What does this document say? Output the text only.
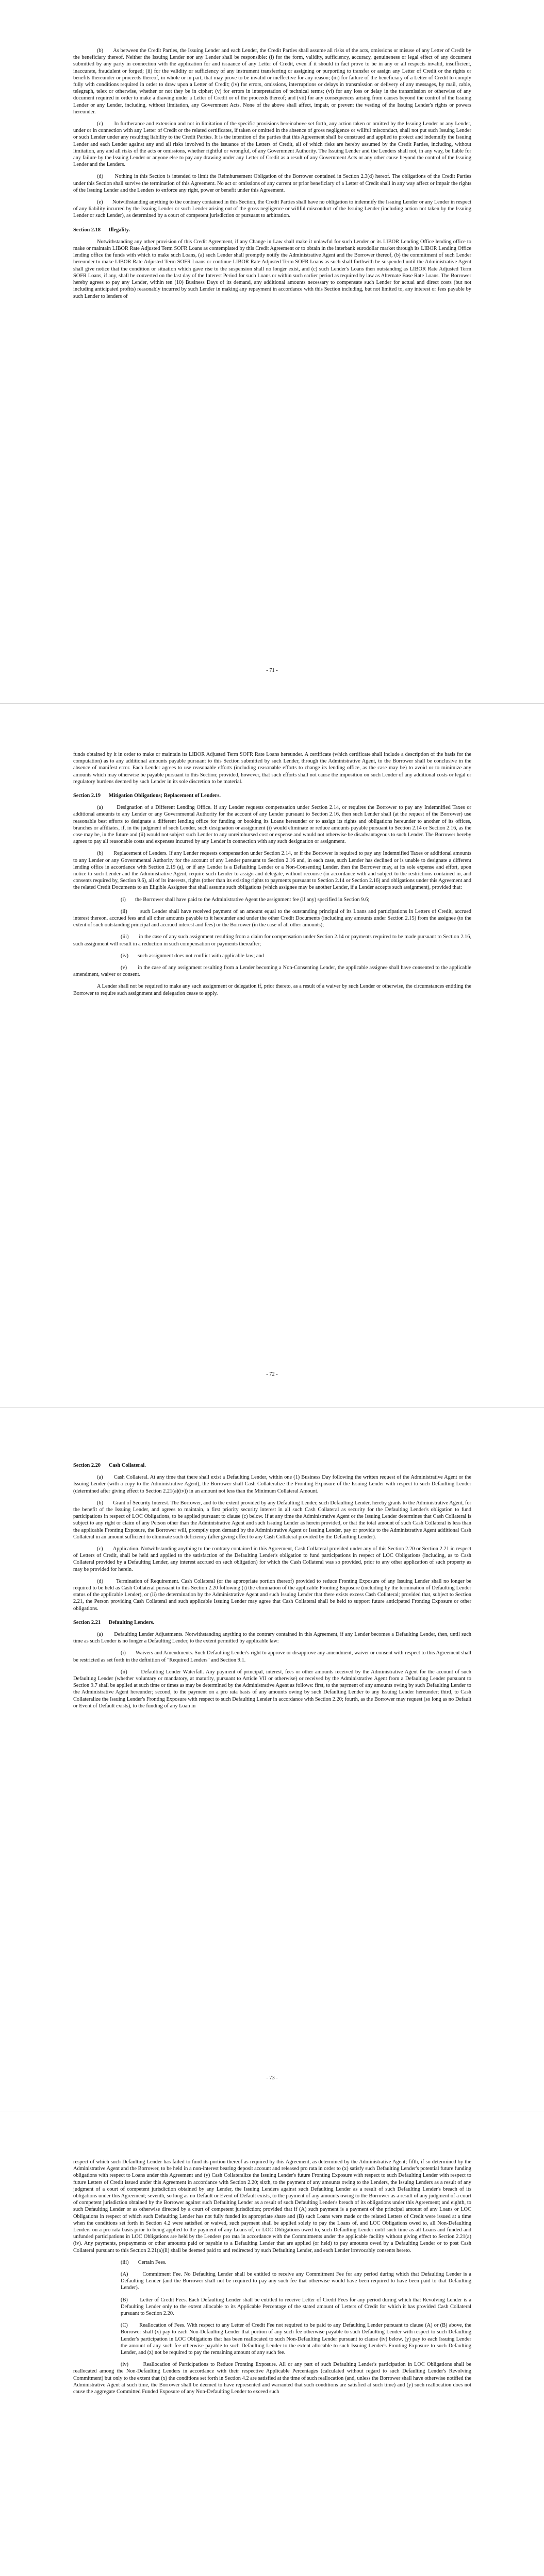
(b)       As between the Credit Parties, the Issuing Lender and each Lender, the Credit Parties shall assume all risks of the acts, omissions or misuse of any Letter of Credit by the beneficiary thereof. Neither the Issuing Lender nor any Lender shall be responsible: (i) for the form, validity, sufficiency, accuracy, genuineness or legal effect of any document submitted by any party in connection with the application for and issuance of any Letter of Credit, even if it should in fact prove to be in any or all respects invalid, insufficient, inaccurate, fraudulent or forged; (ii) for the validity or sufficiency of any instrument transferring or assigning or purporting to transfer or assign any Letter of Credit or the rights or benefits thereunder or proceeds thereof, in whole or in part, that may prove to be invalid or ineffective for any reason; (iii) for failure of the beneficiary of a Letter of Credit to comply fully with conditions required in order to draw upon a Letter of Credit; (iv) for errors, omissions, interruptions or delays in transmission or delivery of any messages, by mail, cable, telegraph, telex or otherwise, whether or not they be in cipher; (v) for errors in interpretation of technical terms; (vi) for any loss or delay in the transmission or otherwise of any document required in order to make a drawing under a Letter of Credit or of the proceeds thereof; and (vii) for any consequences arising from causes beyond the control of the Issuing Lender or any Lender, including, without limitation, any Government Acts. None of the above shall affect, impair, or prevent the vesting of the Issuing Lender's rights or powers hereunder.

(c)       In furtherance and extension and not in limitation of the specific provisions hereinabove set forth, any action taken or omitted by the Issuing Lender or any Lender, under or in connection with any Letter of Credit or the related certificates, if taken or omitted in the absence of gross negligence or willful misconduct, shall not put such Issuing Lender or such Lender under any resulting liability to the Credit Parties. It is the intention of the parties that this Agreement shall be construed and applied to protect and indemnify the Issuing Lender and each Lender against any and all risks involved in the issuance of the Letters of Credit, all of which risks are hereby assumed by the Credit Parties, including, without limitation, any and all risks of the acts or omissions, whether rightful or wrongful, of any Government Authority. The Issuing Lender and the Lenders shall not, in any way, be liable for any failure by the Issuing Lender or anyone else to pay any drawing under any Letter of Credit as a result of any Government Acts or any other cause beyond the control of the Issuing Lender and the Lenders.

(d)       Nothing in this Section is intended to limit the Reimbursement Obligation of the Borrower contained in Section 2.3(d) hereof. The obligations of the Credit Parties under this Section shall survive the termination of this Agreement. No act or omissions of any current or prior beneficiary of a Letter of Credit shall in any way affect or impair the rights of the Issuing Lender and the Lenders to enforce any right, power or benefit under this Agreement.

(e)       Notwithstanding anything to the contrary contained in this Section, the Credit Parties shall have no obligation to indemnify the Issuing Lender or any Lender in respect of any liability incurred by the Issuing Lender or such Lender arising out of the gross negligence or willful misconduct of the Issuing Lender (including action not taken by the Issuing Lender or such Lender), as determined by a court of competent jurisdiction or pursuant to arbitration.

Section 2.18      Illegality.

Notwithstanding any other provision of this Credit Agreement, if any Change in Law shall make it unlawful for such Lender or its LIBOR Lending Office lending office to make or maintain LIBOR Rate Adjusted Term SOFR Loans as contemplated by this Credit Agreement or to obtain in the interbank eurodollar market through its LIBOR Lending Office lending office the funds with which to make such Loans, (a) such Lender shall promptly notify the Administrative Agent and the Borrower thereof, (b) the commitment of such Lender hereunder to make LIBOR Rate Adjusted Term SOFR Loans or continue LIBOR Rate Adjusted Term SOFR Loans as such shall forthwith be suspended until the Administrative Agent shall give notice that the condition or situation which gave rise to the suspension shall no longer exist, and (c) such Lender's Loans then outstanding as LIBOR Rate Adjusted Term SOFR Loans, if any, shall be converted on the last day of the Interest Period for such Loans or within such earlier period as required by law as Alternate Base Rate Loans. The Borrower hereby agrees to pay any Lender, within ten (10) Business Days of its demand, any additional amounts necessary to compensate such Lender for actual and direct costs (but not including anticipated profits) reasonably incurred by such Lender in making any repayment in accordance with this Section including, but not limited to, any interest or fees payable by such Lender to lenders of

- 71 -

funds obtained by it in order to make or maintain its LIBOR Adjusted Term SOFR Rate Loans hereunder. A certificate (which certificate shall include a description of the basis for the computation) as to any additional amounts payable pursuant to this Section submitted by such Lender, through the Administrative Agent, to the Borrower shall be conclusive in the absence of manifest error. Each Lender agrees to use reasonable efforts (including reasonable efforts to change its lending office, as the case may be) to avoid or to minimize any amounts which may otherwise be payable pursuant to this Section; provided, however, that such efforts shall not cause the imposition on such Lender of any additional costs or legal or regulatory burdens deemed by such Lender in its sole discretion to be material.

Section 2.19      Mitigation Obligations; Replacement of Lenders.

(a)       Designation of a Different Lending Office. If any Lender requests compensation under Section 2.14, or requires the Borrower to pay any Indemnified Taxes or additional amounts to any Lender or any Governmental Authority for the account of any Lender pursuant to Section 2.16, then such Lender shall (at the request of the Borrower) use reasonable best efforts to designate a different lending office for funding or booking its Loans hereunder or to assign its rights and obligations hereunder to another of its offices, branches or affiliates, if, in the judgment of such Lender, such designation or assignment (i) would eliminate or reduce amounts payable pursuant to Section 2.14 or Section 2.16, as the case may be, in the future and (ii) would not subject such Lender to any unreimbursed cost or expense and would not otherwise be disadvantageous to such Lender. The Borrower hereby agrees to pay all reasonable costs and expenses incurred by any Lender in connection with any such designation or assignment.

(b)       Replacement of Lenders. If any Lender requests compensation under Section 2.14, or if the Borrower is required to pay any Indemnified Taxes or additional amounts to any Lender or any Governmental Authority for the account of any Lender pursuant to Section 2.16 and, in each case, such Lender has declined or is unable to designate a different lending office in accordance with Section 2.19 (a), or if any Lender is a Defaulting Lender or a Non-Consenting Lender, then the Borrower may, at its sole expense and effort, upon notice to such Lender and the Administrative Agent, require such Lender to assign and delegate, without recourse (in accordance with and subject to the restrictions contained in, and consents required by, Section 9.6), all of its interests, rights (other than its existing rights to payments pursuant to Section 2.14 or Section 2.16) and obligations under this Agreement and the related Credit Documents to an Eligible Assignee that shall assume such obligations (which assignee may be another Lender, if a Lender accepts such assignment), provided that:

(i)       the Borrower shall have paid to the Administrative Agent the assignment fee (if any) specified in Section 9.6;

(ii)       such Lender shall have received payment of an amount equal to the outstanding principal of its Loans and participations in Letters of Credit, accrued interest thereon, accrued fees and all other amounts payable to it hereunder and under the other Credit Documents (including any amounts under Section 2.15) from the assignee (to the extent of such outstanding principal and accrued interest and fees) or the Borrower (in the case of all other amounts);

(iii)       in the case of any such assignment resulting from a claim for compensation under Section 2.14 or payments required to be made pursuant to Section 2.16, such assignment will result in a reduction in such compensation or payments thereafter;

(iv)       such assignment does not conflict with applicable law; and

(v)       in the case of any assignment resulting from a Lender becoming a Non-Consenting Lender, the applicable assignee shall have consented to the applicable amendment, waiver or consent.

A Lender shall not be required to make any such assignment or delegation if, prior thereto, as a result of a waiver by such Lender or otherwise, the circumstances entitling the Borrower to require such assignment and delegation cease to apply.

- 72 -

Section 2.20      Cash Collateral.

(a)       Cash Collateral. At any time that there shall exist a Defaulting Lender, within one (1) Business Day following the written request of the Administrative Agent or the Issuing Lender (with a copy to the Administrative Agent), the Borrower shall Cash Collateralize the Fronting Exposure of the Issuing Lender with respect to such Defaulting Lender (determined after giving effect to Section 2.21(a)(iv)) in an amount not less than the Minimum Collateral Amount.

(b)       Grant of Security Interest. The Borrower, and to the extent provided by any Defaulting Lender, such Defaulting Lender, hereby grants to the Administrative Agent, for the benefit of the Issuing Lender, and agrees to maintain, a first priority security interest in all such Cash Collateral as security for the Defaulting Lender's obligation to fund participations in respect of LOC Obligations, to be applied pursuant to clause (c) below. If at any time the Administrative Agent or the Issuing Lender determines that Cash Collateral is subject to any right or claim of any Person other than the Administrative Agent and such Issuing Lender as herein provided, or that the total amount of such Cash Collateral is less than the applicable Fronting Exposure, the Borrower will, promptly upon demand by the Administrative Agent or Issuing Lender, pay or provide to the Administrative Agent additional Cash Collateral in an amount sufficient to eliminate such deficiency (after giving effect to any Cash Collateral provided by the Defaulting Lender).

(c)       Application. Notwithstanding anything to the contrary contained in this Agreement, Cash Collateral provided under any of this Section 2.20 or Section 2.21 in respect of Letters of Credit, shall be held and applied to the satisfaction of the Defaulting Lender's obligation to fund participations in respect of LOC Obligations (including, as to Cash Collateral provided by a Defaulting Lender, any interest accrued on such obligation) for which the Cash Collateral was so provided, prior to any other application of such property as may be provided for herein.

(d)       Termination of Requirement. Cash Collateral (or the appropriate portion thereof) provided to reduce Fronting Exposure of any Issuing Lender shall no longer be required to be held as Cash Collateral pursuant to this Section 2.20 following (i) the elimination of the applicable Fronting Exposure (including by the termination of Defaulting Lender status of the applicable Lender), or (ii) the determination by the Administrative Agent and such Issuing Lender that there exists excess Cash Collateral; provided that, subject to Section 2.21, the Person providing Cash Collateral and such applicable Issuing Lender may agree that Cash Collateral shall be held to support future anticipated Fronting Exposure or other obligations.

Section 2.21      Defaulting Lenders.

(a)       Defaulting Lender Adjustments. Notwithstanding anything to the contrary contained in this Agreement, if any Lender becomes a Defaulting Lender, then, until such time as such Lender is no longer a Defaulting Lender, to the extent permitted by applicable law:

(i)       Waivers and Amendments. Such Defaulting Lender's right to approve or disapprove any amendment, waiver or consent with respect to this Agreement shall be restricted as set forth in the definition of "Required Lenders" and Section 9.1.

(ii)       Defaulting Lender Waterfall. Any payment of principal, interest, fees or other amounts received by the Administrative Agent for the account of such Defaulting Lender (whether voluntary or mandatory, at maturity, pursuant to Article VII or otherwise) or received by the Administrative Agent from a Defaulting Lender pursuant to Section 9.7 shall be applied at such time or times as may be determined by the Administrative Agent as follows: first, to the payment of any amounts owing by such Defaulting Lender to the Administrative Agent hereunder; second, to the payment on a pro rata basis of any amounts owing by such Defaulting Lender to any Issuing Lender hereunder; third, to Cash Collateralize the Issuing Lender's Fronting Exposure with respect to such Defaulting Lender in accordance with Section 2.20; fourth, as the Borrower may request (so long as no Default or Event of Default exists), to the funding of any Loan in

- 73 -

respect of which such Defaulting Lender has failed to fund its portion thereof as required by this Agreement, as determined by the Administrative Agent; fifth, if so determined by the Administrative Agent and the Borrower, to be held in a non-interest bearing deposit account and released pro rata in order to (x) satisfy such Defaulting Lender's potential future funding obligations with respect to Loans under this Agreement and (y) Cash Collateralize the Issuing Lender's future Fronting Exposure with respect to such Defaulting Lender with respect to future Letters of Credit issued under this Agreement in accordance with Section 2.20; sixth, to the payment of any amounts owing to the Lenders, the Issuing Lenders as a result of any judgment of a court of competent jurisdiction obtained by any Lender, the Issuing Lenders against such Defaulting Lender as a result of such Defaulting Lender's breach of its obligations under this Agreement; seventh, so long as no Default or Event of Default exists, to the payment of any amounts owing to the Borrower as a result of any judgment of a court of competent jurisdiction obtained by the Borrower against such Defaulting Lender as a result of such Defaulting Lender's breach of its obligations under this Agreement; and eighth, to such Defaulting Lender or as otherwise directed by a court of competent jurisdiction; provided that if (A) such payment is a payment of the principal amount of any Loans or LOC Obligations in respect of which such Defaulting Lender has not fully funded its appropriate share and (B) such Loans were made or the related Letters of Credit were issued at a time when the conditions set forth in Section 4.2 were satisfied or waived, such payment shall be applied solely to pay the Loans of, and LOC Obligations owed to, all Non-Defaulting Lenders on a pro rata basis prior to being applied to the payment of any Loans of, or LOC Obligations owed to, such Defaulting Lender until such time as all Loans and funded and unfunded participations in LOC Obligations are held by the Lenders pro rata in accordance with the Commitments under the applicable facility without giving effect to Section 2.21(a)(iv). Any payments, prepayments or other amounts paid or payable to a Defaulting Lender that are applied (or held) to pay amounts owed by a Defaulting Lender or to post Cash Collateral pursuant to this Section 2.21(a)(ii) shall be deemed paid to and redirected by such Defaulting Lender, and each Lender irrevocably consents hereto.

(iii)       Certain Fees.

(A)       Commitment Fee. No Defaulting Lender shall be entitled to receive any Commitment Fee for any period during which that Defaulting Lender is a Defaulting Lender (and the Borrower shall not be required to pay any such fee that otherwise would have been required to have been paid to that Defaulting Lender).

(B)       Letter of Credit Fees. Each Defaulting Lender shall be entitled to receive Letter of Credit Fees for any period during which that Revolving Lender is a Defaulting Lender only to the extent allocable to its Applicable Percentage of the stated amount of Letters of Credit for which it has provided Cash Collateral pursuant to Section 2.20.

(C)       Reallocation of Fees. With respect to any Letter of Credit Fee not required to be paid to any Defaulting Lender pursuant to clause (A) or (B) above, the Borrower shall (x) pay to each Non-Defaulting Lender that portion of any such fee otherwise payable to such Defaulting Lender with respect to such Defaulting Lender's participation in LOC Obligations that has been reallocated to such Non-Defaulting Lender pursuant to clause (iv) below, (y) pay to each Issuing Lender the amount of any such fee otherwise payable to such Defaulting Lender to the extent allocable to such Issuing Lender's Fronting Exposure to such Defaulting Lender, and (z) not be required to pay the remaining amount of any such fee.

(iv)       Reallocation of Participations to Reduce Fronting Exposure. All or any part of such Defaulting Lender's participation in LOC Obligations shall be reallocated among the Non-Defaulting Lenders in accordance with their respective Applicable Percentages (calculated without regard to such Defaulting Lender's Revolving Commitment) but only to the extent that (x) the conditions set forth in Section 4.2 are satisfied at the time of such reallocation (and, unless the Borrower shall have otherwise notified the Administrative Agent at such time, the Borrower shall be deemed to have represented and warranted that such conditions are satisfied at such time) and (y) such reallocation does not cause the aggregate Committed Funded Exposure of any Non-Defaulting Lender to exceed such
